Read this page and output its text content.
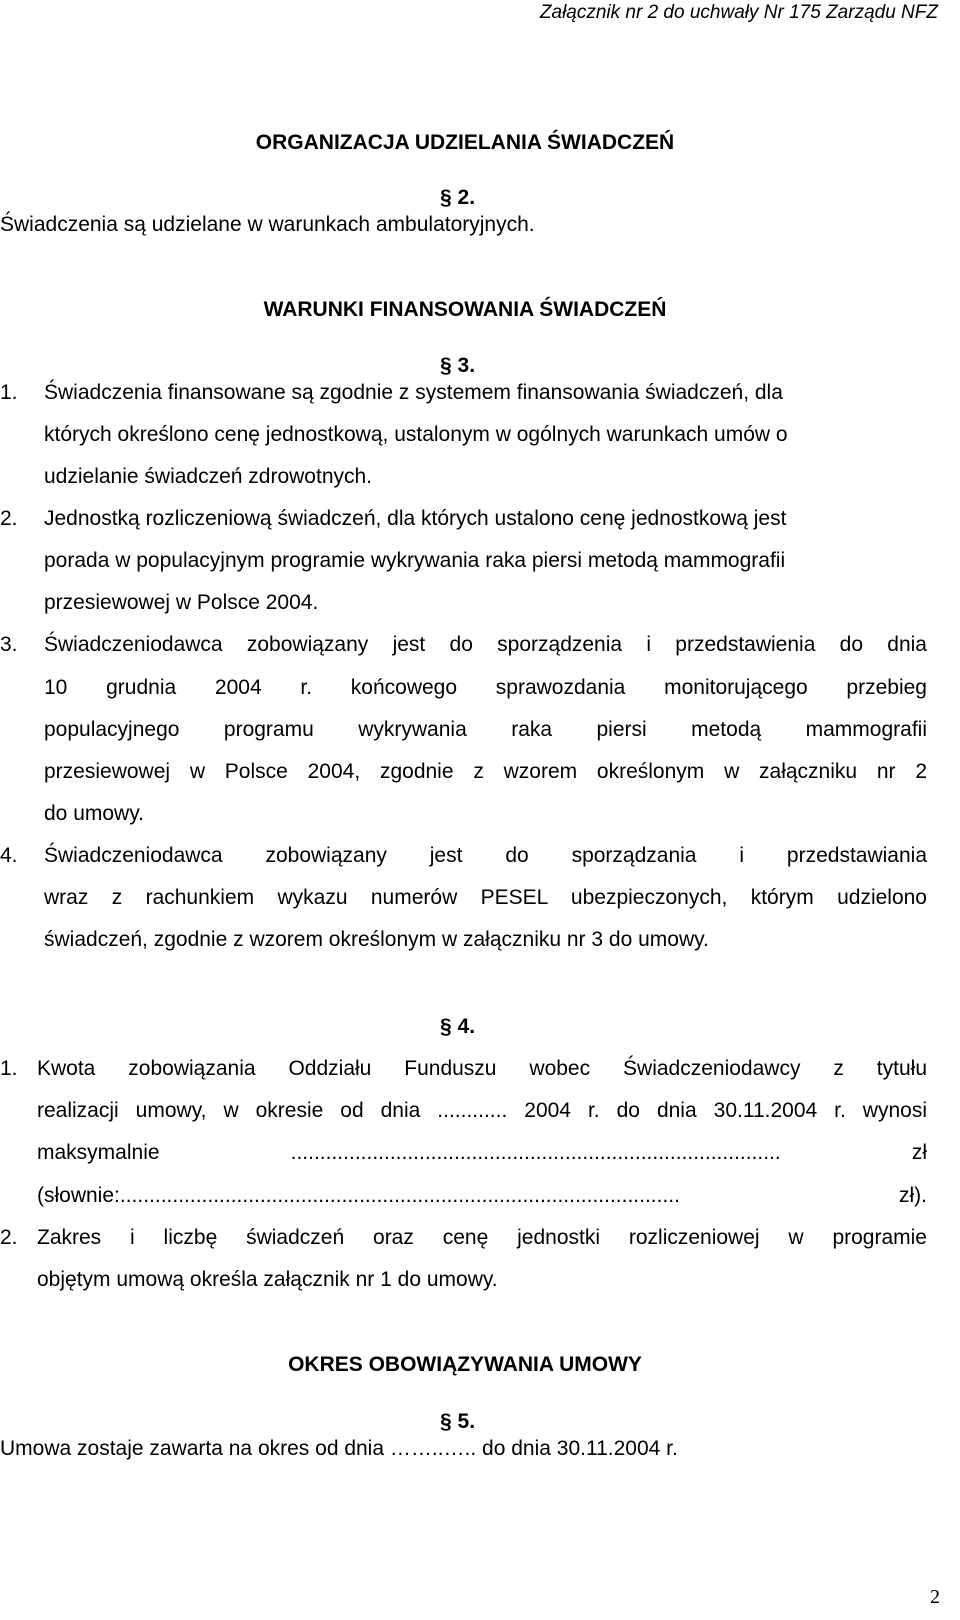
Załącznik nr 2 do uchwały Nr 175 Zarządu NFZ
ORGANIZACJA UDZIELANIA ŚWIADCZEŃ
§ 2.
Świadczenia są udzielane w warunkach ambulatoryjnych.
WARUNKI FINANSOWANIA ŚWIADCZEŃ
§ 3.
1. Świadczenia finansowane są zgodnie z systemem finansowania świadczeń, dla
których określono cenę jednostkową, ustalonym w ogólnych warunkach umów o
udzielanie świadczeń zdrowotnych.
2. Jednostką rozliczeniową świadczeń, dla których ustalono cenę jednostkową jest
porada w populacyjnym programie wykrywania raka piersi metodą mammografii
przesiewowej w Polsce 2004.
3. Świadczeniodawca zobowiązany jest do sporządzenia i przedstawienia do dnia
10 grudnia 2004 r. końcowego sprawozdania monitorującego przebieg
populacyjnego programu wykrywania raka piersi metodą mammografii
przesiewowej w Polsce 2004, zgodnie z wzorem określonym w załączniku nr 2
do umowy.
4. Świadczeniodawca zobowiązany jest do sporządzania i przedstawiania
wraz z rachunkiem wykazu numerów PESEL ubezpieczonych, którym udzielono
świadczeń, zgodnie z wzorem określonym w załączniku nr 3 do umowy.
§ 4.
1. Kwota zobowiązania Oddziału Funduszu wobec Świadczeniodawcy z tytułu
realizacji umowy, w okresie od dnia ............ 2004 r. do dnia 30.11.2004 r. wynosi
maksymalnie .................................................................................... zł
(słownie:................................................................................................ zł).
2. Zakres i liczbę świadczeń oraz cenę jednostki rozliczeniowej w programie
objętym umową określa załącznik nr 1 do umowy.
OKRES OBOWIĄZYWANIA UMOWY
§ 5.
Umowa zostaje zawarta na okres od dnia ……..….. do dnia 30.11.2004 r.
2
